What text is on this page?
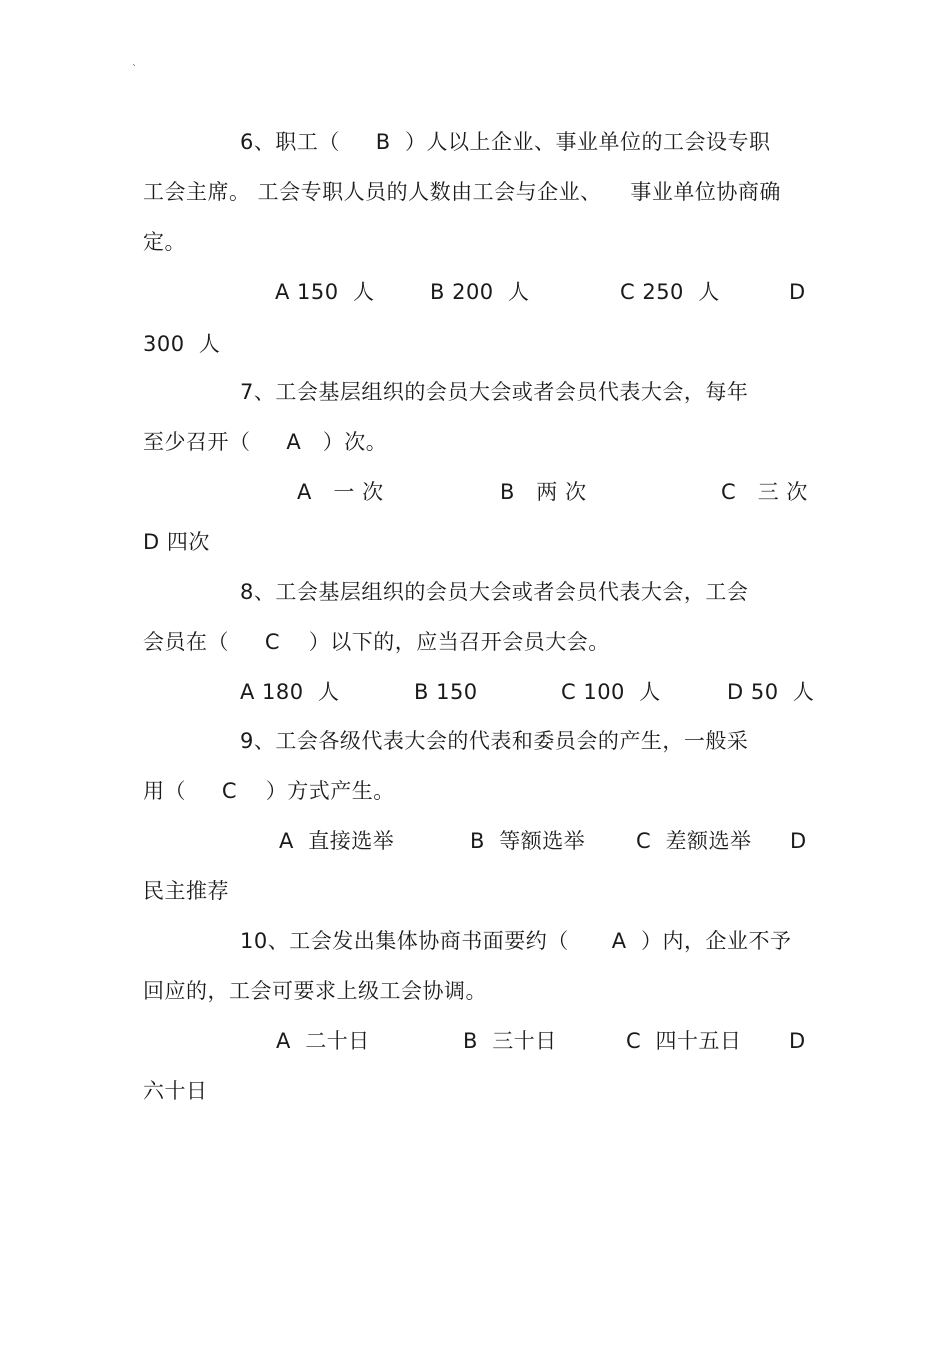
`
6、职工（     B  ）人以上企业、事业单位的工会设专职
工会主席。 工会专职人员的人数由工会与企业、    事业单位协商确
定。
A 150  人	B 200  人	C 250  人	D
300  人
7、工会基层组织的会员大会或者会员代表大会，每年
至少召开（     A   ）次。
A   一 次	B   两 次	C   三 次
D 四次
8、工会基层组织的会员大会或者会员代表大会，工会
会员在（     C    ）以下的，应当召开会员大会。
A 180  人	B 150	C 100  人	D 50  人
9、工会各级代表大会的代表和委员会的产生，一般采
用（     C    ）方式产生。
A  直接选举	B  等额选举 C  差额选举 D
民主推荐
10、工会发出集体协商书面要约（      A  ）内，企业不予
回应的，工会可要求上级工会协调。
A  二十日	B  三十日	C  四十五日 D
六十日
